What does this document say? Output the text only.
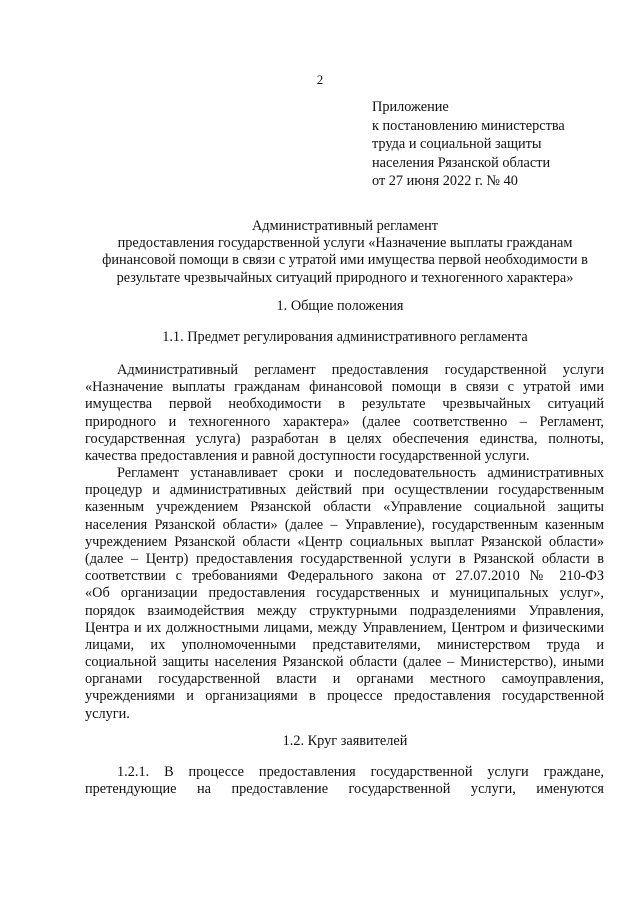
2
Приложение
к постановлению министерства
труда и социальной защиты
населения Рязанской области
от 27 июня 2022 г. № 40
Административный регламент
предоставления государственной услуги «Назначение выплаты гражданам
финансовой помощи в связи с утратой ими имущества первой необходимости в
результате чрезвычайных ситуаций природного и техногенного характера»
1. Общие положения
1.1. Предмет регулирования административного регламента
Административный регламент предоставления государственной услуги
«Назначение выплаты гражданам финансовой помощи в связи с утратой ими
имущества первой необходимости в результате чрезвычайных ситуаций
природного и техногенного характера» (далее соответственно – Регламент,
государственная услуга) разработан в целях обеспечения единства, полноты,
качества предоставления и равной доступности государственной услуги.
Регламент устанавливает сроки и последовательность административных
процедур и административных действий при осуществлении государственным
казенным учреждением Рязанской области «Управление социальной защиты
населения Рязанской области» (далее – Управление), государственным казенным
учреждением Рязанской области «Центр социальных выплат Рязанской области»
(далее – Центр) предоставления государственной услуги в Рязанской области в
соответствии с требованиями Федерального закона от 27.07.2010 № 210-ФЗ
«Об организации предоставления государственных и муниципальных услуг»,
порядок взаимодействия между структурными подразделениями Управления,
Центра и их должностными лицами, между Управлением, Центром и физическими
лицами, их уполномоченными представителями, министерством труда и
социальной защиты населения Рязанской области (далее – Министерство), иными
органами государственной власти и органами местного самоуправления,
учреждениями и организациями в процессе предоставления государственной
услуги.
1.2. Круг заявителей
1.2.1. В процессе предоставления государственной услуги граждане,
претендующие на предоставление государственной услуги, именуются
